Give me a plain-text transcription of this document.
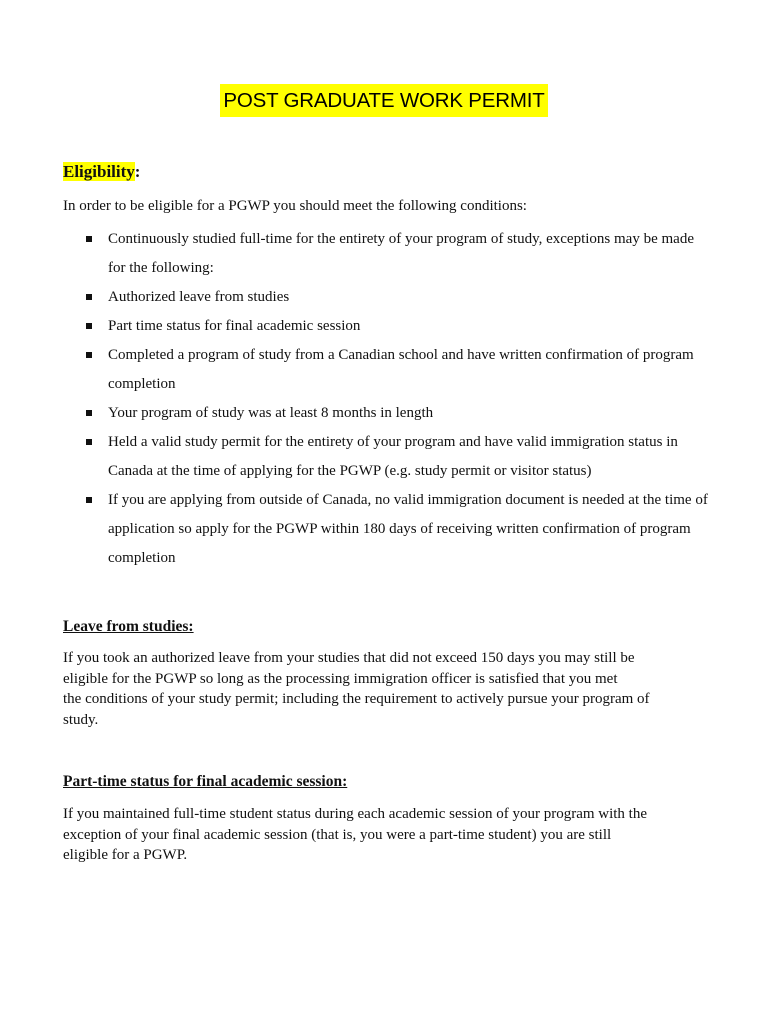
POST GRADUATE WORK PERMIT
Eligibility:
In order to be eligible for a PGWP you should meet the following conditions:
Continuously studied full-time for the entirety of your program of study, exceptions may be made for the following:
Authorized leave from studies
Part time status for final academic session
Completed a program of study from a Canadian school and have written confirmation of program completion
Your program of study was at least 8 months in length
Held a valid study permit for the entirety of your program and have valid immigration status in Canada at the time of applying for the PGWP (e.g. study permit or visitor status)
If you are applying from outside of Canada, no valid immigration document is needed at the time of application so apply for the PGWP within 180 days of receiving written confirmation of program completion
Leave from studies:
If you took an authorized leave from your studies that did not exceed 150 days you may still be
eligible for the PGWP so long as the processing immigration officer is satisfied that you met
the conditions of your study permit; including the requirement to actively pursue your program of
study.
Part-time status for final academic session:
If you maintained full-time student status during each academic session of your program with the
exception of your final academic session (that is, you were a part-time student) you are still
eligible for a PGWP.
